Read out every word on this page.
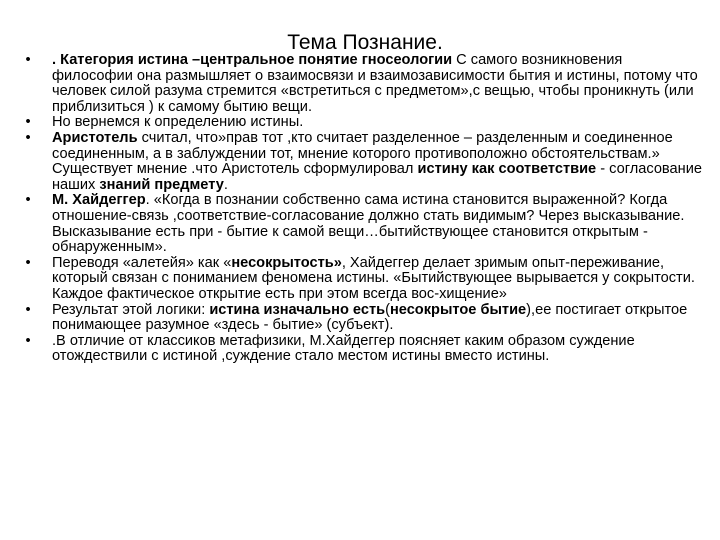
Тема Познание.
• . Категория истина –центральное понятие гносеологии С самого возникновения философии она размышляет о взаимосвязи и взаимозависимости бытия и истины, потому что человек силой разума стремится «встретиться с предметом»,с вещью, чтобы проникнуть (или приблизиться ) к самому бытию вещи.
• Но вернемся к определению истины.
• Аристотель считал, что»прав тот ,кто считает разделенное – разделенным и соединенное соединенным, а в заблуждении тот, мнение которого противоположно обстоятельствам.» Существует мнение .что Аристотель сформулировал истину как соответствие - согласование наших знаний предмету.
• М. Хайдеггер. «Когда в познании собственно сама истина становится выраженной? Когда отношение-связь ,соответствие-согласование должно стать видимым? Через высказывание. Высказывание есть при - бытие к самой вещи…бытийствующее становится открытым - обнаруженным».
• Переводя «алетейя» как «несокрытость», Хайдеггер делает зримым опыт-переживание, который связан с пониманием феномена истины. «Бытийствующее вырывается у сокрытости. Каждое фактическое открытие есть при этом всегда вос-хищение»
• Результат этой логики: истина изначально есть(несокрытое бытие),ее постигает открытое понимающее разумное «здесь - бытие» (субъект).
• .В отличие от классиков метафизики, М.Хайдеггер поясняет каким образом суждение отождествили с истиной ,суждение стало местом истины вместо истины.
